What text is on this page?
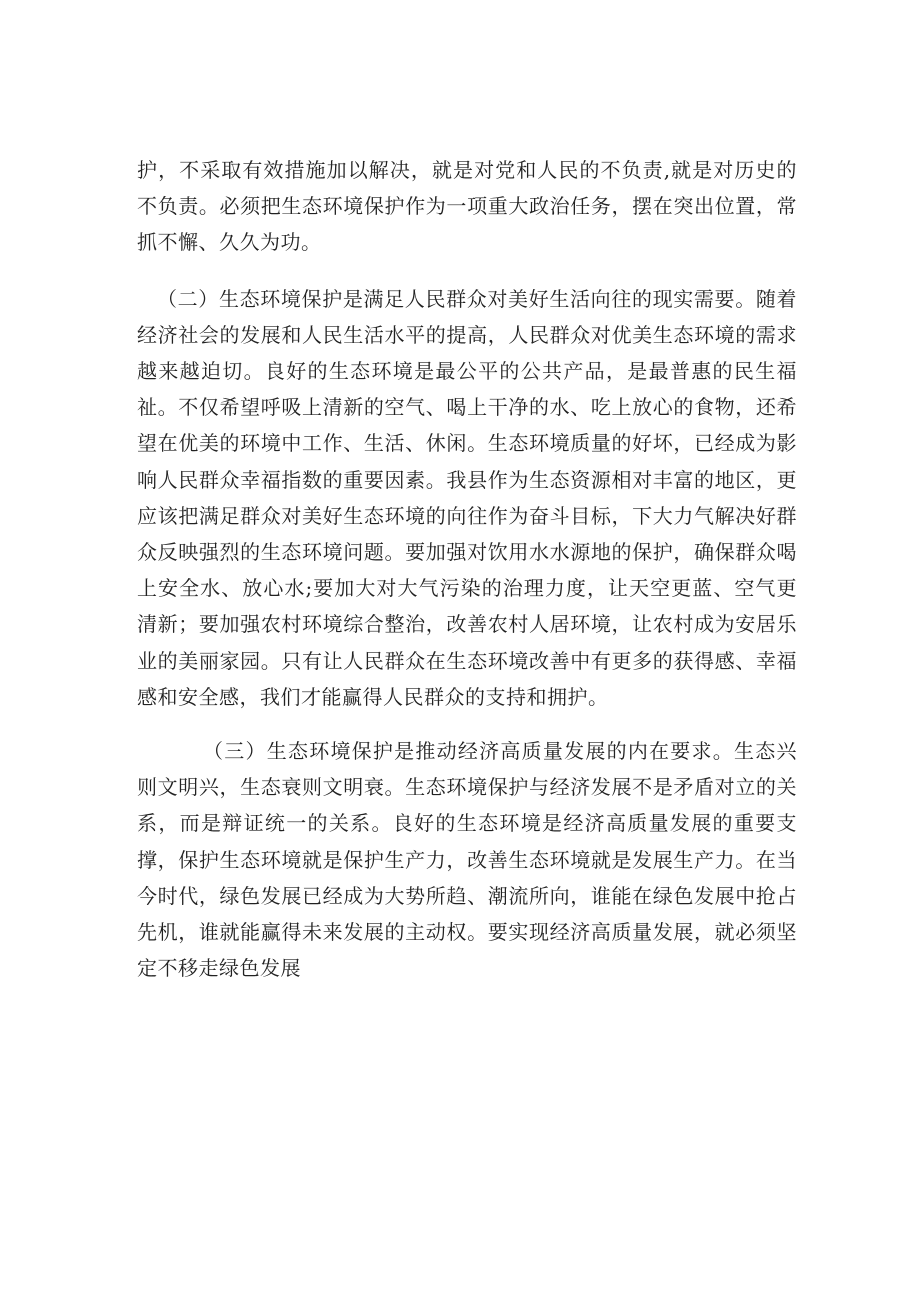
护，不采取有效措施加以解决，就是对党和人民的不负责,就是对历史的不负责。必须把生态环境保护作为一项重大政治任务，摆在突出位置，常抓不懈、久久为功。

（二）生态环境保护是满足人民群众对美好生活向往的现实需要。随着经济社会的发展和人民生活水平的提高，人民群众对优美生态环境的需求越来越迫切。良好的生态环境是最公平的公共产品，是最普惠的民生福祉。不仅希望呼吸上清新的空气、喝上干净的水、吃上放心的食物，还希望在优美的环境中工作、生活、休闲。生态环境质量的好坏，已经成为影响人民群众幸福指数的重要因素。我县作为生态资源相对丰富的地区，更应该把满足群众对美好生态环境的向往作为奋斗目标，下大力气解决好群众反映强烈的生态环境问题。要加强对饮用水水源地的保护，确保群众喝上安全水、放心水;要加大对大气污染的治理力度，让天空更蓝、空气更清新；要加强农村环境综合整治，改善农村人居环境，让农村成为安居乐业的美丽家园。只有让人民群众在生态环境改善中有更多的获得感、幸福感和安全感，我们才能赢得人民群众的支持和拥护。

（三）生态环境保护是推动经济高质量发展的内在要求。生态兴则文明兴，生态衰则文明衰。生态环境保护与经济发展不是矛盾对立的关系，而是辩证统一的关系。良好的生态环境是经济高质量发展的重要支撑，保护生态环境就是保护生产力，改善生态环境就是发展生产力。在当今时代，绿色发展已经成为大势所趋、潮流所向，谁能在绿色发展中抢占先机，谁就能赢得未来发展的主动权。要实现经济高质量发展，就必须坚定不移走绿色发展
